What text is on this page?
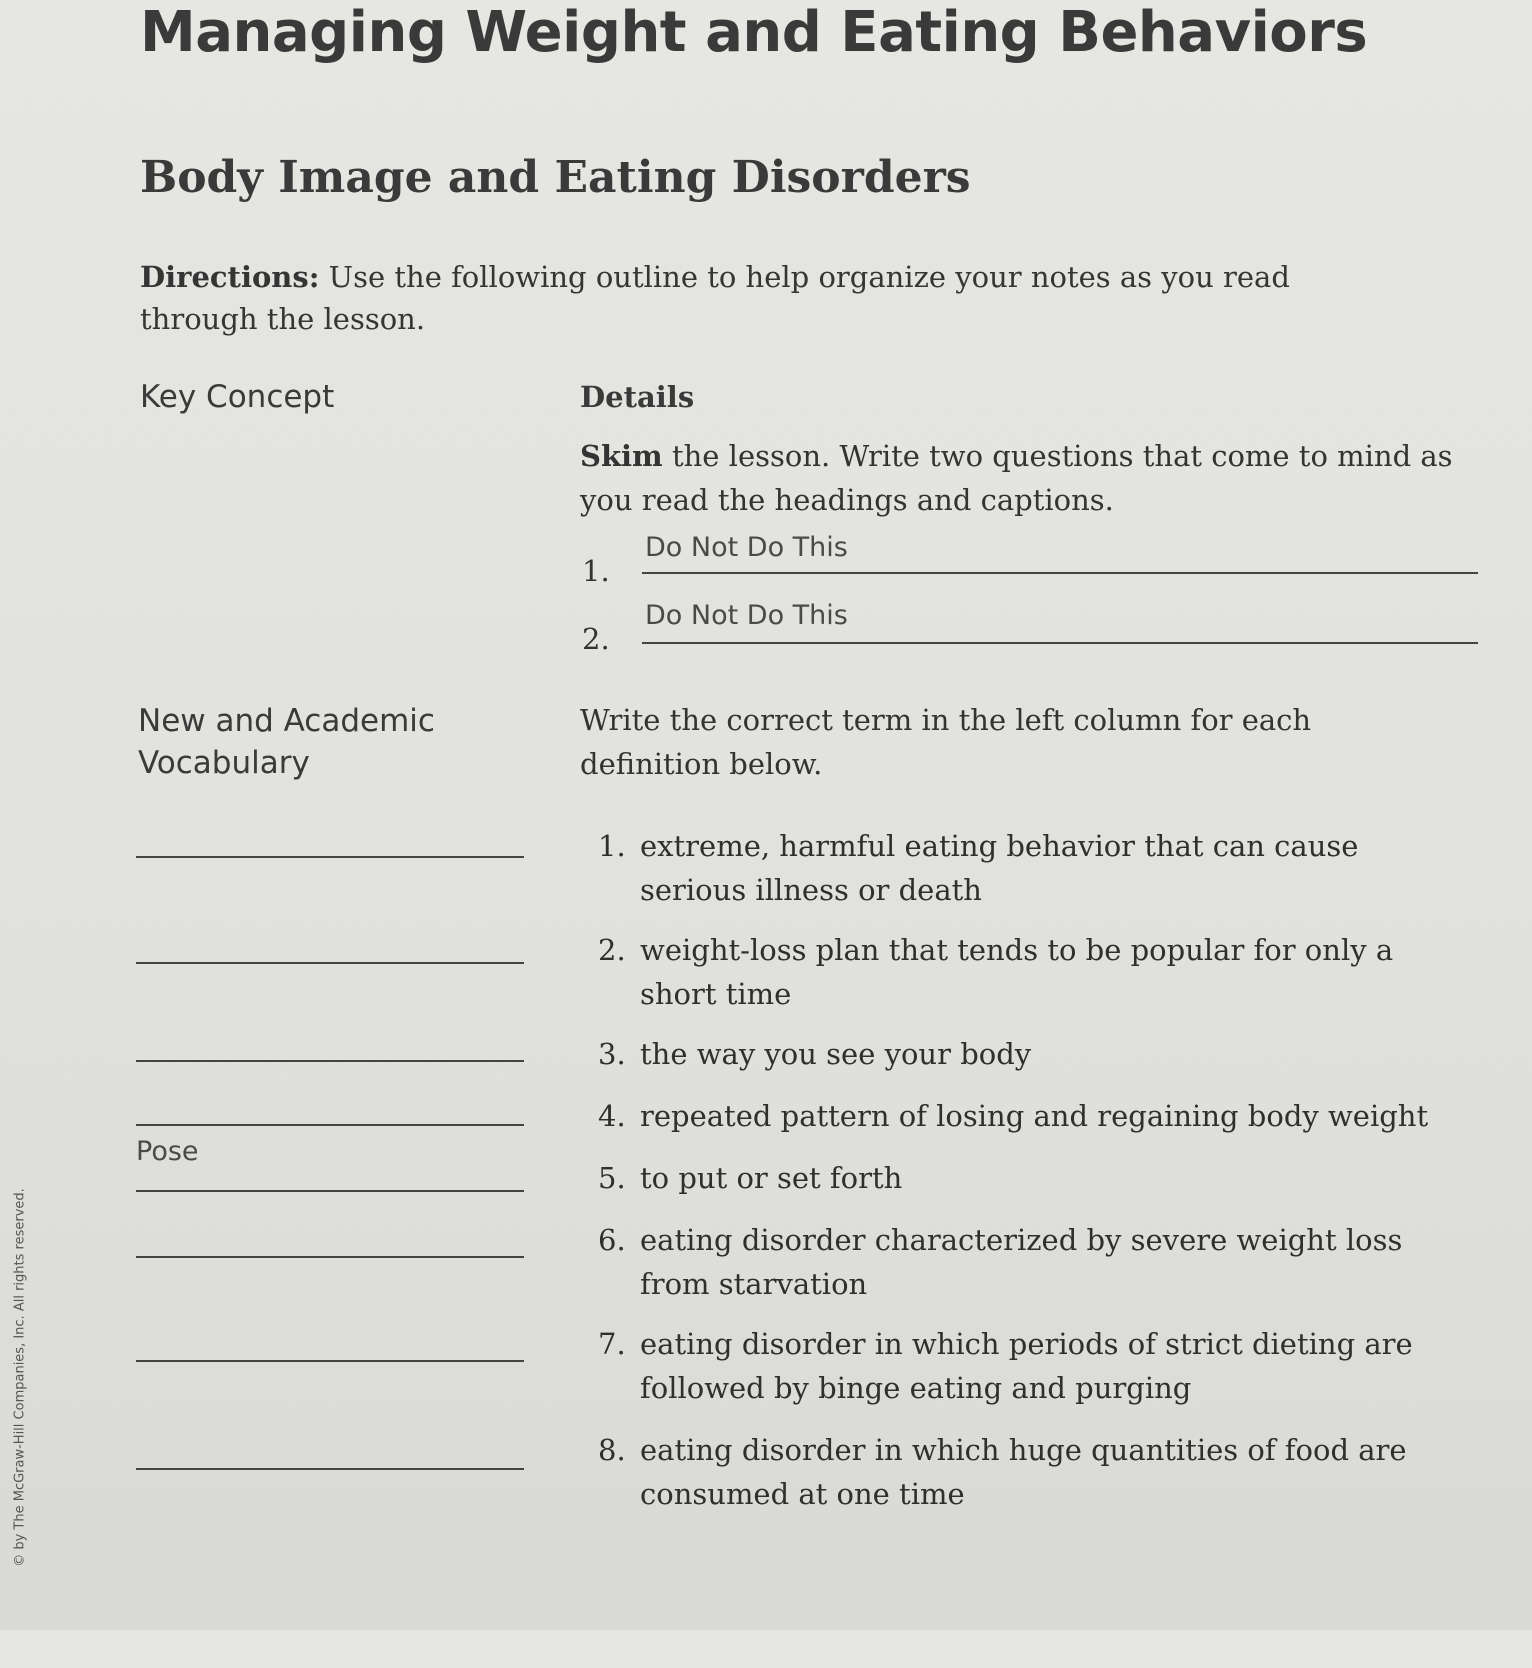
Managing Weight and Eating Behaviors
Body Image and Eating Disorders
Directions: Use the following outline to help organize your notes as you read through the lesson.
Key Concept	Details
Skim the lesson. Write two questions that come to mind as you read the headings and captions.
1.
Do Not Do This
2.
Do Not Do This
New and Academic
Vocabulary
Write the correct term in the left column for each definition below.
1. extreme, harmful eating behavior that can cause
serious illness or death
2. weight-loss plan that tends to be popular for only a
short time
3. the way you see your body
4. repeated pattern of losing and regaining body weight
Pose
5. to put or set forth
6. eating disorder characterized by severe weight loss
from starvation
7. eating disorder in which periods of strict dieting are
followed by binge eating and purging
8. eating disorder in which huge quantities of food are
consumed at one time
© by The McGraw-Hill Companies, Inc. All rights reserved.
